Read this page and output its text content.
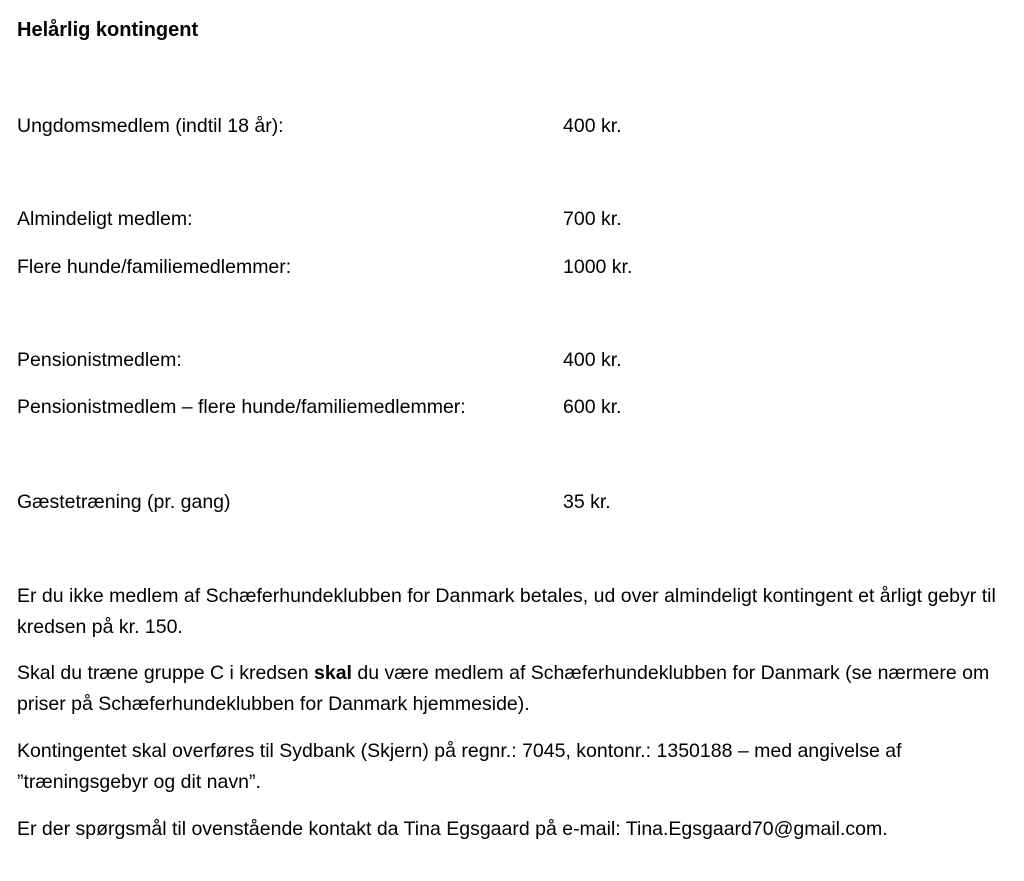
Helårlig kontingent
Ungdomsmedlem (indtil 18 år):	400 kr.
Almindeligt medlem:	700 kr.
Flere hunde/familiemedlemmer:	1000 kr.
Pensionistmedlem:	400 kr.
Pensionistmedlem – flere hunde/familiemedlemmer:	600 kr.
Gæstetræning (pr. gang)	35 kr.

Er du ikke medlem af Schæferhundeklubben for Danmark betales, ud over almindeligt kontingent et årligt gebyr til kredsen på kr. 150.

Skal du træne gruppe C i kredsen skal du være medlem af Schæferhundeklubben for Danmark (se nærmere om priser på Schæferhundeklubben for Danmark hjemmeside).

Kontingentet skal overføres til Sydbank (Skjern) på regnr.: 7045, kontonr.: 1350188 – med angivelse af ”træningsgebyr og dit navn”.

Er der spørgsmål til ovenstående kontakt da Tina Egsgaard på e-mail: Tina.Egsgaard70@gmail.com.
